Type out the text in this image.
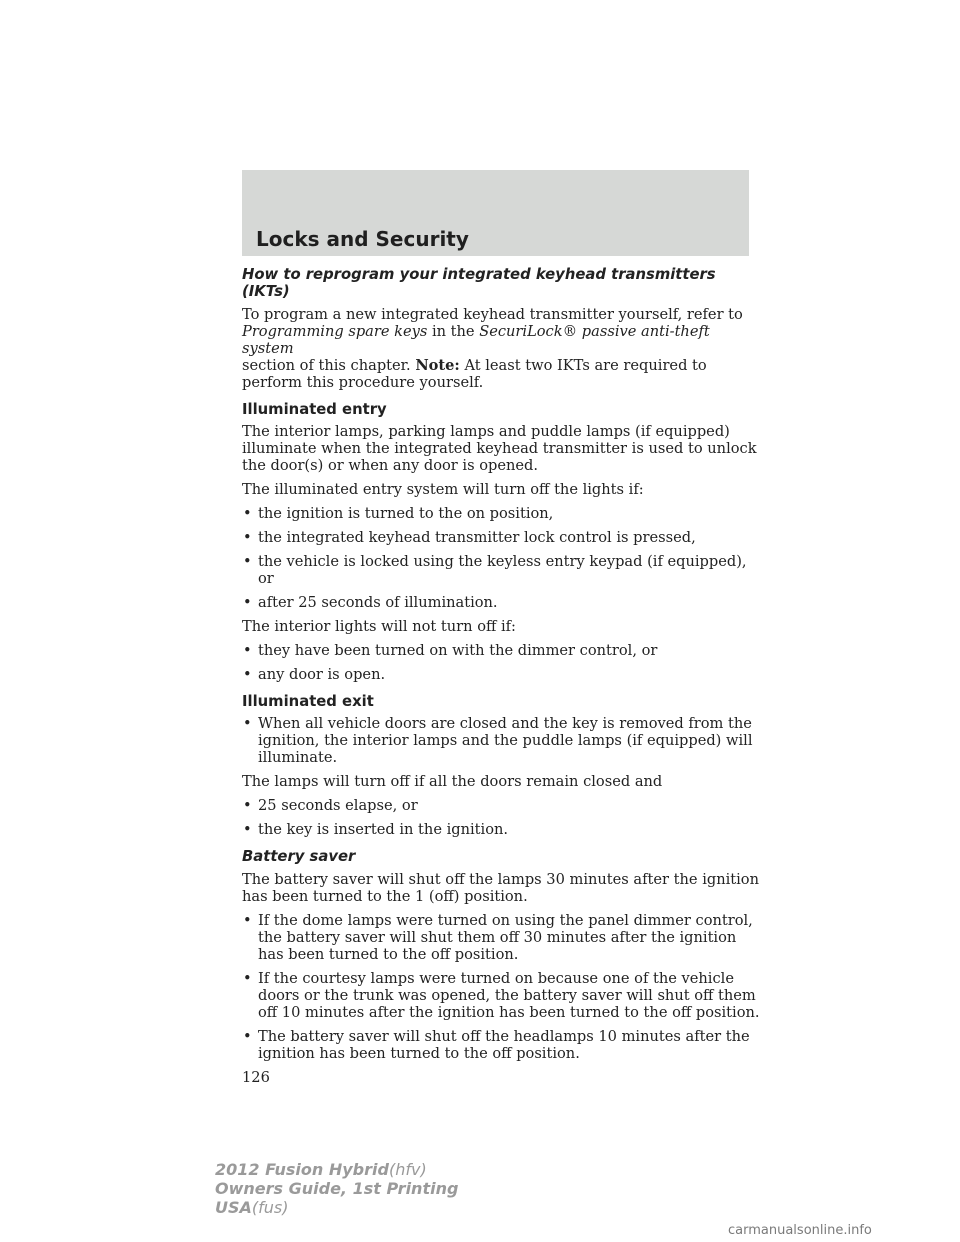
Locks and Security
How to reprogram your integrated keyhead transmitters (IKTs)

To program a new integrated keyhead transmitter yourself, refer to
Programming spare keys in the SecuriLock® passive anti-theft system
section of this chapter. Note: At least two IKTs are required to perform this procedure yourself.

Illuminated entry

The interior lamps, parking lamps and puddle lamps (if equipped) illuminate when the integrated keyhead transmitter is used to unlock the door(s) or when any door is opened.

The illuminated entry system will turn off the lights if:

• the ignition is turned to the on position,
• the integrated keyhead transmitter lock control is pressed,
• the vehicle is locked using the keyless entry keypad (if equipped), or
• after 25 seconds of illumination.

The interior lights will not turn off if:

• they have been turned on with the dimmer control, or
• any door is open.
Illuminated exit
• When all vehicle doors are closed and the key is removed from the ignition, the interior lamps and the puddle lamps (if equipped) will illuminate.

The lamps will turn off if all the doors remain closed and

• 25 seconds elapse, or
• the key is inserted in the ignition.
Battery saver

The battery saver will shut off the lamps 30 minutes after the ignition has been turned to the 1 (off) position.

• If the dome lamps were turned on using the panel dimmer control, the battery saver will shut them off 30 minutes after the ignition has been turned to the off position.
• If the courtesy lamps were turned on because one of the vehicle doors or the trunk was opened, the battery saver will shut off them off 10 minutes after the ignition has been turned to the off position.
• The battery saver will shut off the headlamps 10 minutes after the ignition has been turned to the off position.
126
2012 Fusion Hybrid(hfv)
Owners Guide, 1st Printing
USA(fus)
carmanualsonline.info
